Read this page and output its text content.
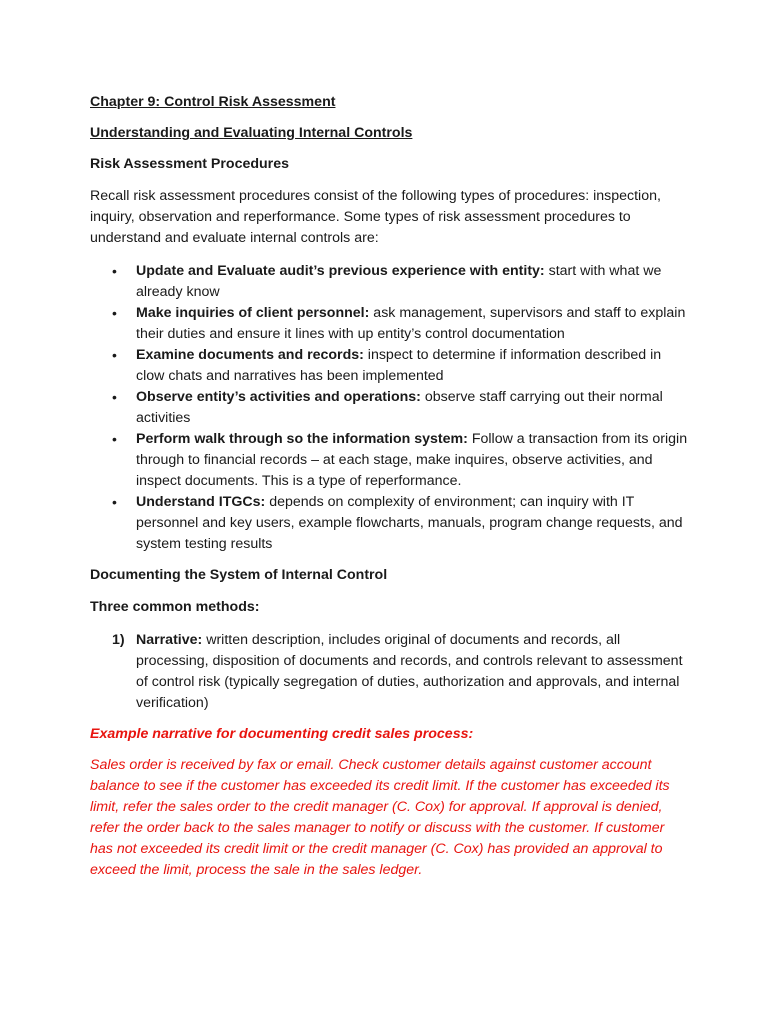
Chapter 9: Control Risk Assessment

Understanding and Evaluating Internal Controls

Risk Assessment Procedures

Recall risk assessment procedures consist of the following types of procedures: inspection, inquiry, observation and reperformance. Some types of risk assessment procedures to understand and evaluate internal controls are:

• Update and Evaluate audit’s previous experience with entity: start with what we already know
• Make inquiries of client personnel: ask management, supervisors and staff to explain their duties and ensure it lines with up entity’s control documentation
• Examine documents and records: inspect to determine if information described in clow chats and narratives has been implemented
• Observe entity’s activities and operations: observe staff carrying out their normal activities
• Perform walk through so the information system: Follow a transaction from its origin through to financial records – at each stage, make inquires, observe activities, and inspect documents. This is a type of reperformance.
• Understand ITGCs: depends on complexity of environment; can inquiry with IT personnel and key users, example flowcharts, manuals, program change requests, and system testing results

Documenting the System of Internal Control

Three common methods:

1) Narrative: written description, includes original of documents and records, all processing, disposition of documents and records, and controls relevant to assessment of control risk (typically segregation of duties, authorization and approvals, and internal verification)

Example narrative for documenting credit sales process:

Sales order is received by fax or email. Check customer details against customer account balance to see if the customer has exceeded its credit limit. If the customer has exceeded its limit, refer the sales order to the credit manager (C. Cox) for approval. If approval is denied, refer the order back to the sales manager to notify or discuss with the customer. If customer has not exceeded its credit limit or the credit manager (C. Cox) has provided an approval to exceed the limit, process the sale in the sales ledger.
